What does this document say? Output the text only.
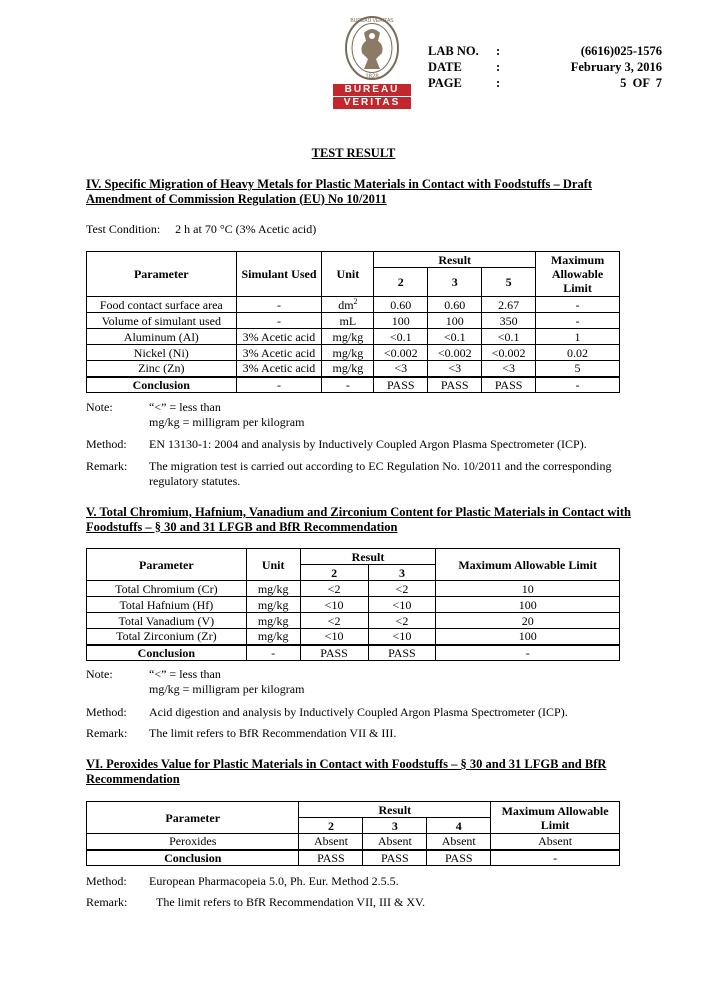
BUREAU VERITAS
1828
BUREAU
VERITAS
LAB NO.	:	(6616)025-1576
DATE	:	February 3, 2016
PAGE	:	5  OF  7
TEST RESULT
IV. Specific Migration of Heavy Metals for Plastic Materials in Contact with Foodstuffs – Draft Amendment of Commission Regulation (EU) No 10/2011
Test Condition: 2 h at 70 °C (3% Acetic acid)
Parameter	Simulant Used	Unit	Result			Maximum Allowable Limit
			2	3	5	
Food contact surface area	-	$dm^2$	0.60	0.60	2.67	-
Volume of simulant used	-	mL	100	100	350	-
Aluminum (Al)	3% Acetic acid	mg/kg	<0.1	<0.1	<0.1	1
Nickel (Ni)	3% Acetic acid	mg/kg	<0.002	<0.002	<0.002	0.02
Zinc (Zn)	3% Acetic acid	mg/kg	<3	<3	<3	5
Conclusion	-	-	PASS	PASS	PASS	-
Note:	“<” = less than
mg/kg = milligram per kilogram
Method:	EN 13130-1: 2004 and analysis by Inductively Coupled Argon Plasma Spectrometer (ICP).
Remark:	The migration test is carried out according to EC Regulation No. 10/2011 and the corresponding
regulatory statutes.
V. Total Chromium, Hafnium, Vanadium and Zirconium Content for Plastic Materials in Contact with Foodstuffs – § 30 and 31 LFGB and BfR Recommendation
Parameter	Unit	Result		Maximum Allowable Limit
		2	3	
Total Chromium (Cr)	mg/kg	<2	<2	10
Total Hafnium (Hf)	mg/kg	<10	<10	100
Total Vanadium (V)	mg/kg	<2	<2	20
Total Zirconium (Zr)	mg/kg	<10	<10	100
Conclusion	-	PASS	PASS	-
Note:	“<” = less than
mg/kg = milligram per kilogram
Method:	Acid digestion and analysis by Inductively Coupled Argon Plasma Spectrometer (ICP).
Remark:	The limit refers to BfR Recommendation VII & III.
VI. Peroxides Value for Plastic Materials in Contact with Foodstuffs – § 30 and 31 LFGB and BfR Recommendation
Parameter	Result			Maximum Allowable Limit
	2	3	4	
Peroxides	Absent	Absent	Absent	Absent
Conclusion	PASS	PASS	PASS	-
Method:	European Pharmacopeia 5.0, Ph. Eur. Method 2.5.5.
Remark:	The limit refers to BfR Recommendation VII, III & XV.
